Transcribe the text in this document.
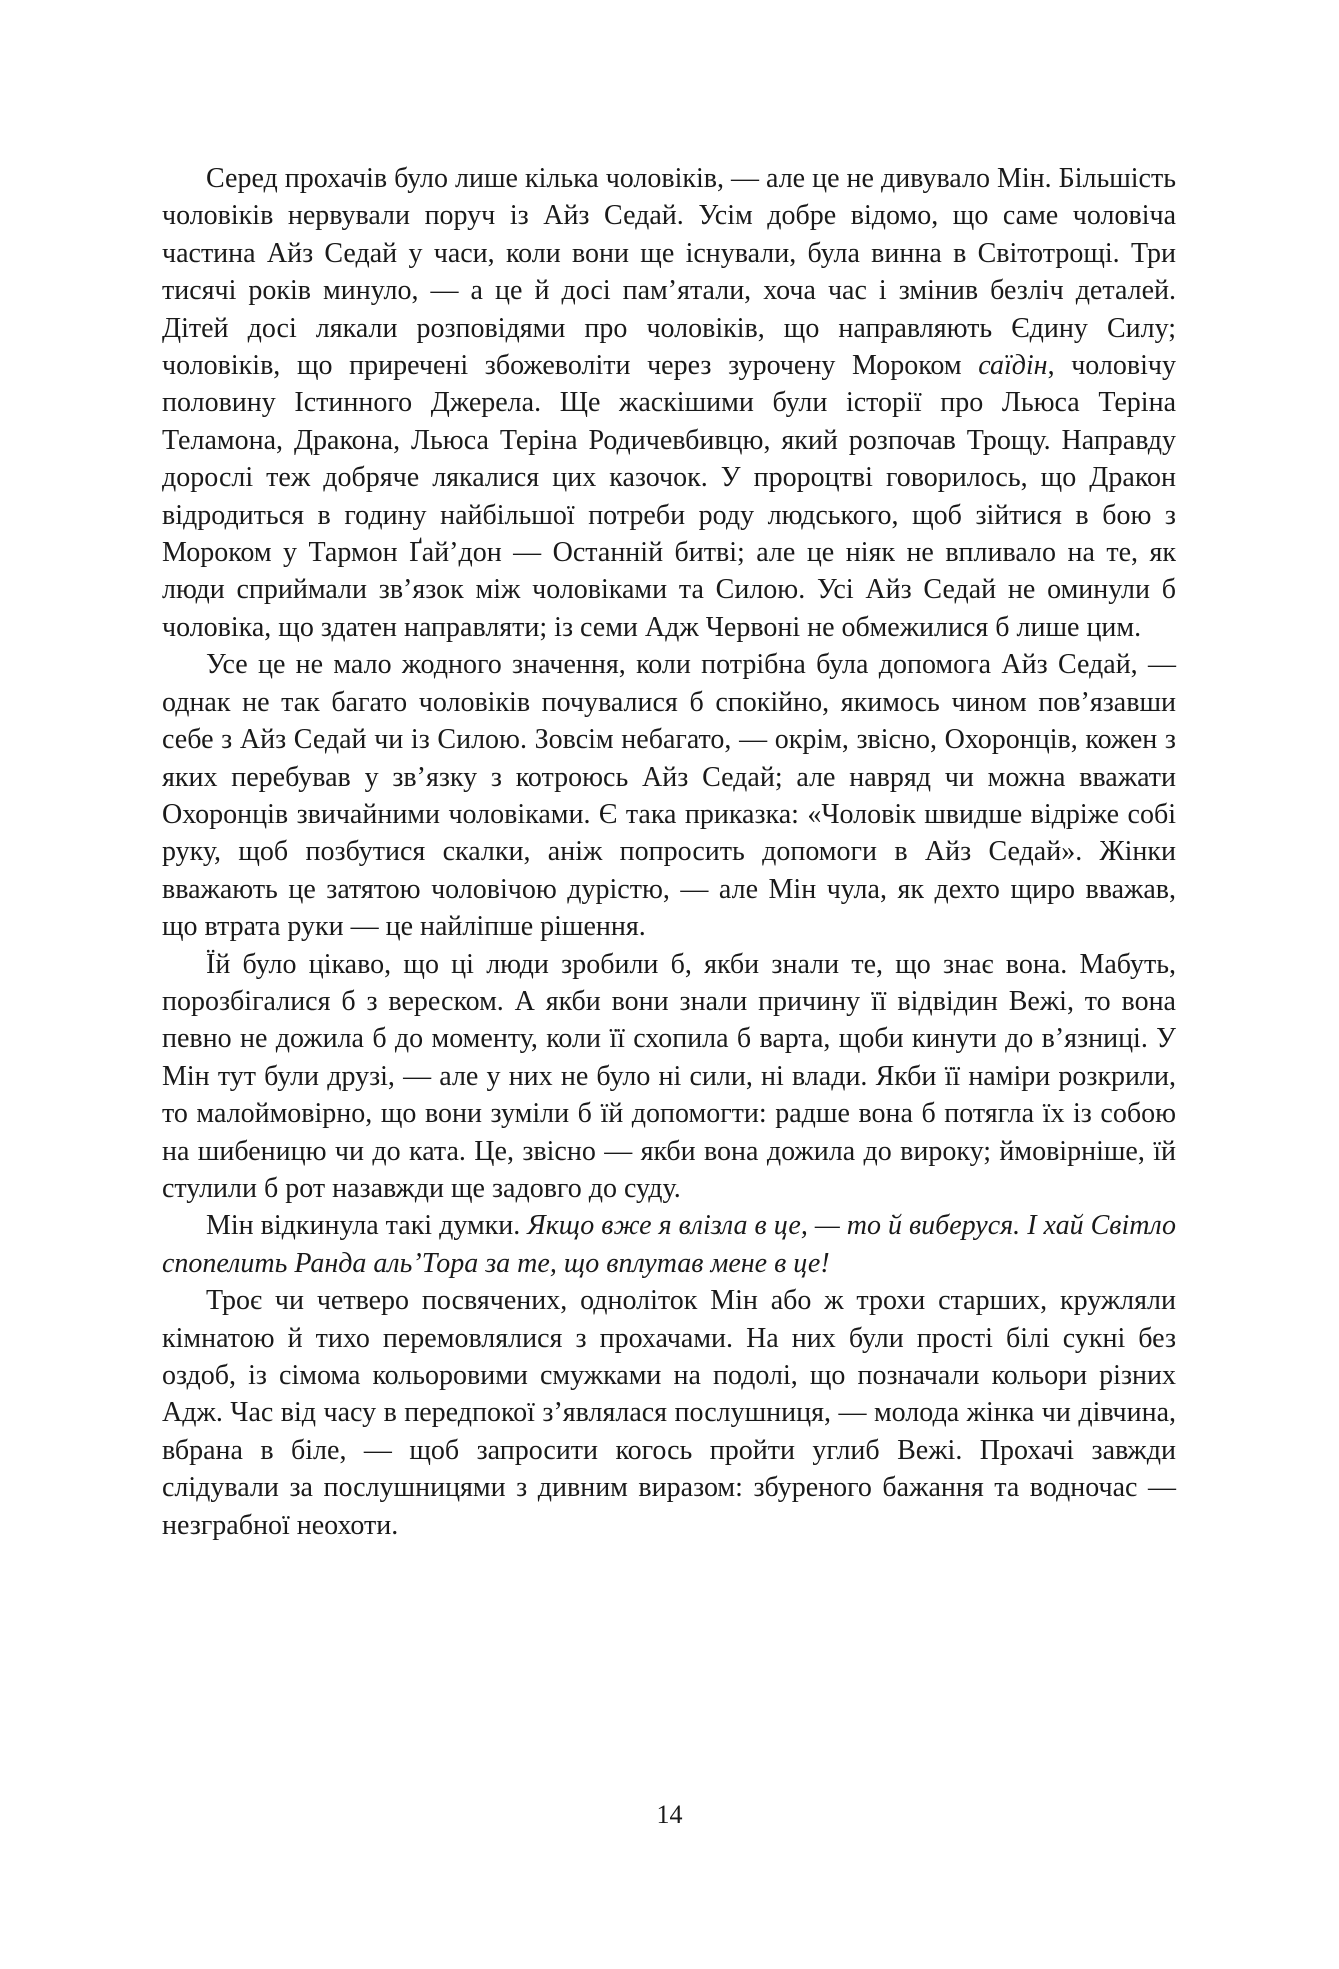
Серед прохачів було лише кілька чоловіків, — але це не дивувало Мін. Більшість чоловіків нервували поруч із Айз Седай. Усім добре відомо, що саме чоловіча частина Айз Седай у часи, коли вони ще існували, була винна в Світотрощі. Три тисячі років минуло, — а це й досі пам’ятали, хоча час і змінив безліч деталей. Дітей досі лякали розповідями про чоловіків, що направляють Єдину Силу; чоловіків, що приречені збожеволіти через зурочену Мороком саїдін, чоловічу половину Істинного Джерела. Ще жаскішими були історії про Льюса Теріна Теламона, Дракона, Льюса Теріна Родичевбивцю, який розпочав Трощу. Направду дорослі теж добряче лякалися цих казочок. У пророцтві говорилось, що Дракон відродиться в годину найбільшої потреби роду людського, щоб зійтися в бою з Мороком у Тармон Ґай’дон — Останній битві; але це ніяк не впливало на те, як люди сприймали зв’язок між чоловіками та Силою. Усі Айз Седай не оминули б чоловіка, що здатен направляти; із семи Адж Червоні не обмежилися б лише цим.

Усе це не мало жодного значення, коли потрібна була допомога Айз Седай, — однак не так багато чоловіків почувалися б спокійно, якимось чином пов’язавши себе з Айз Седай чи із Силою. Зовсім небагато, — окрім, звісно, Охоронців, кожен з яких перебував у зв’язку з котроюсь Айз Седай; але навряд чи можна вважати Охоронців звичайними чоловіками. Є така приказка: «Чоловік швидше відріже собі руку, щоб позбутися скалки, аніж попросить допомоги в Айз Седай». Жінки вважають це затятою чоловічою дурістю, — але Мін чула, як дехто щиро вважав, що втрата руки — це найліпше рішення.

Їй було цікаво, що ці люди зробили б, якби знали те, що знає вона. Мабуть, порозбігалися б з вереском. А якби вони знали причину її відвідин Вежі, то вона певно не дожила б до моменту, коли її схопила б варта, щоби кинути до в’язниці. У Мін тут були друзі, — але у них не було ні сили, ні влади. Якби її наміри розкрили, то малоймовірно, що вони зуміли б їй допомогти: радше вона б потягла їх із собою на шибеницю чи до ката. Це, звісно — якби вона дожила до вироку; ймовірніше, їй стулили б рот назавжди ще задовго до суду.

Мін відкинула такі думки. Якщо вже я влізла в це, — то й виберуся. І хай Світло спопелить Ранда аль’Тора за те, що вплутав мене в це!

Троє чи четверо посвячених, одноліток Мін або ж трохи старших, кружляли кімнатою й тихо перемовлялися з прохачами. На них були прості білі сукні без оздоб, із сімома кольоровими смужками на подолі, що позначали кольори різних Адж. Час від часу в передпокої з’являлася послушниця, — молода жінка чи дівчина, вбрана в біле, — щоб запросити когось пройти углиб Вежі. Прохачі завжди слідували за послушницями з дивним виразом: збуреного бажання та водночас — незграбної неохоти.

14
